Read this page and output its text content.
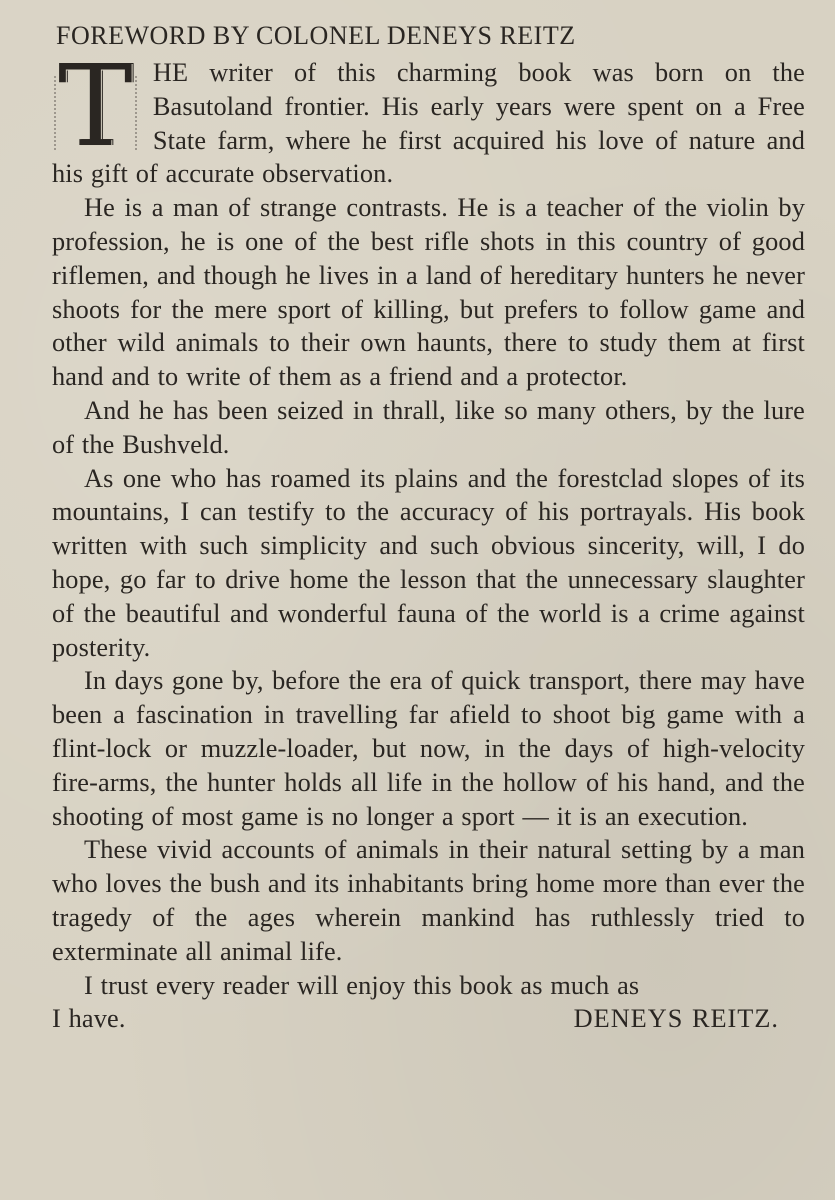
FOREWORD BY COLONEL DENEYS REITZ

THE writer of this charming book was born on the Basutoland frontier. His early years were spent on a Free State farm, where he first acquired his love of nature and his gift of accurate observation.

He is a man of strange contrasts. He is a teacher of the violin by profession, he is one of the best rifle shots in this country of good riflemen, and though he lives in a land of hereditary hunters he never shoots for the mere sport of killing, but prefers to follow game and other wild animals to their own haunts, there to study them at first hand and to write of them as a friend and a protector.

And he has been seized in thrall, like so many others, by the lure of the Bushveld.

As one who has roamed its plains and the forestclad slopes of its mountains, I can testify to the accuracy of his portrayals. His book written with such simplicity and such obvious sincerity, will, I do hope, go far to drive home the lesson that the unnecessary slaughter of the beautiful and wonderful fauna of the world is a crime against posterity.

In days gone by, before the era of quick transport, there may have been a fascination in travelling far afield to shoot big game with a flint-lock or muzzle-loader, but now, in the days of high-velocity fire-arms, the hunter holds all life in the hollow of his hand, and the shooting of most game is no longer a sport — it is an execution.

These vivid accounts of animals in their natural setting by a man who loves the bush and its inhabitants bring home more than ever the tragedy of the ages wherein mankind has ruthlessly tried to exterminate all animal life.

I trust every reader will enjoy this book as much as

I have.	DENEYS REITZ.
